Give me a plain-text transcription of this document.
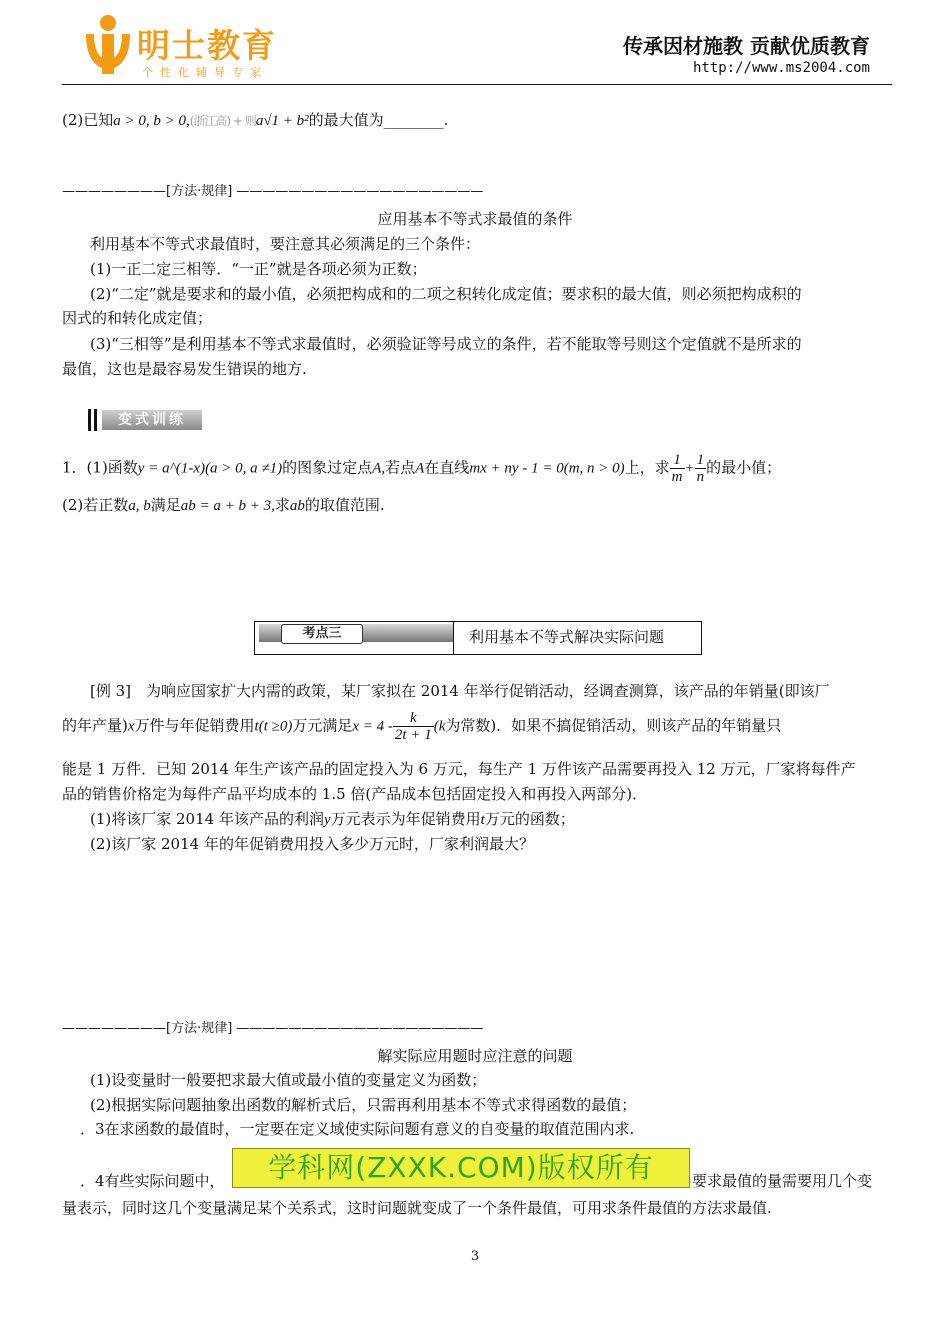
明士教育
个性化辅导专家
传承因材施教 贡献优质教育
http://www.ms2004.com
(2)已知a > 0, b > 0,(浙江高) + 则a√1 + b²的最大值为________.
————————[方法·规律] ———————————————————
应用基本不等式求最值的条件
利用基本不等式求最值时，要注意其必须满足的三个条件：
(1)一正二定三相等．“一正”就是各项必须为正数；
(2)“二定”就是要求和的最小值，必须把构成和的二项之积转化成定值；要求积的最大值，则必须把构成积的
因式的和转化成定值；
(3)“三相等”是利用基本不等式求最值时，必须验证等号成立的条件，若不能取等号则这个定值就不是所求的
最值，这也是最容易发生错误的地方.
变式训练
1．(1)函数y = a^(1-x)(a > 0, a ≠1)的图象过定点A,若点A在直线mx + ny - 1 = 0(m, n > 0)上，求 $\frac{1}{m} + \frac{1}{n}$ 的最小值；
(2)若正数a, b满足ab = a + b + 3,求ab的取值范围.
考点三	利用基本不等式解决实际问题
[例 3]　为响应国家扩大内需的政策，某厂家拟在 2014 年举行促销活动，经调查测算，该产品的年销量(即该厂
的年产量)x万件与年促销费用t(t ≥0)万元满足$x = 4 - \frac{k}{2t + 1} (k$为常数)．如果不搞促销活动，则该产品的年销量只
能是 1 万件．已知 2014 年生产该产品的固定投入为 6 万元，每生产 1 万件该产品需要再投入 12 万元，厂家将每件产
品的销售价格定为每件产品平均成本的 1.5 倍(产品成本包括固定投入和再投入两部分)．
(1)将该厂家 2014 年该产品的利润y万元表示为年促销费用t万元的函数；
(2)该厂家 2014 年的年促销费用投入多少万元时，厂家利润最大？
————————[方法·规律] ———————————————————
解实际应用题时应注意的问题
(1)设变量时一般要把求最大值或最小值的变量定义为函数；
(2)根据实际问题抽象出函数的解析式后，只需再利用基本不等式求得函数的最值；
．3在求函数的最值时，一定要在定义域使实际问题有意义的自变量的取值范围内求.
．4有些实际问题中，	要求最值的量需要用几个变
量表示，同时这几个变量满足某个关系式，这时问题就变成了一个条件最值，可用求条件最值的方法求最值.
学科网(ZXXK.COM)版权所有
3
